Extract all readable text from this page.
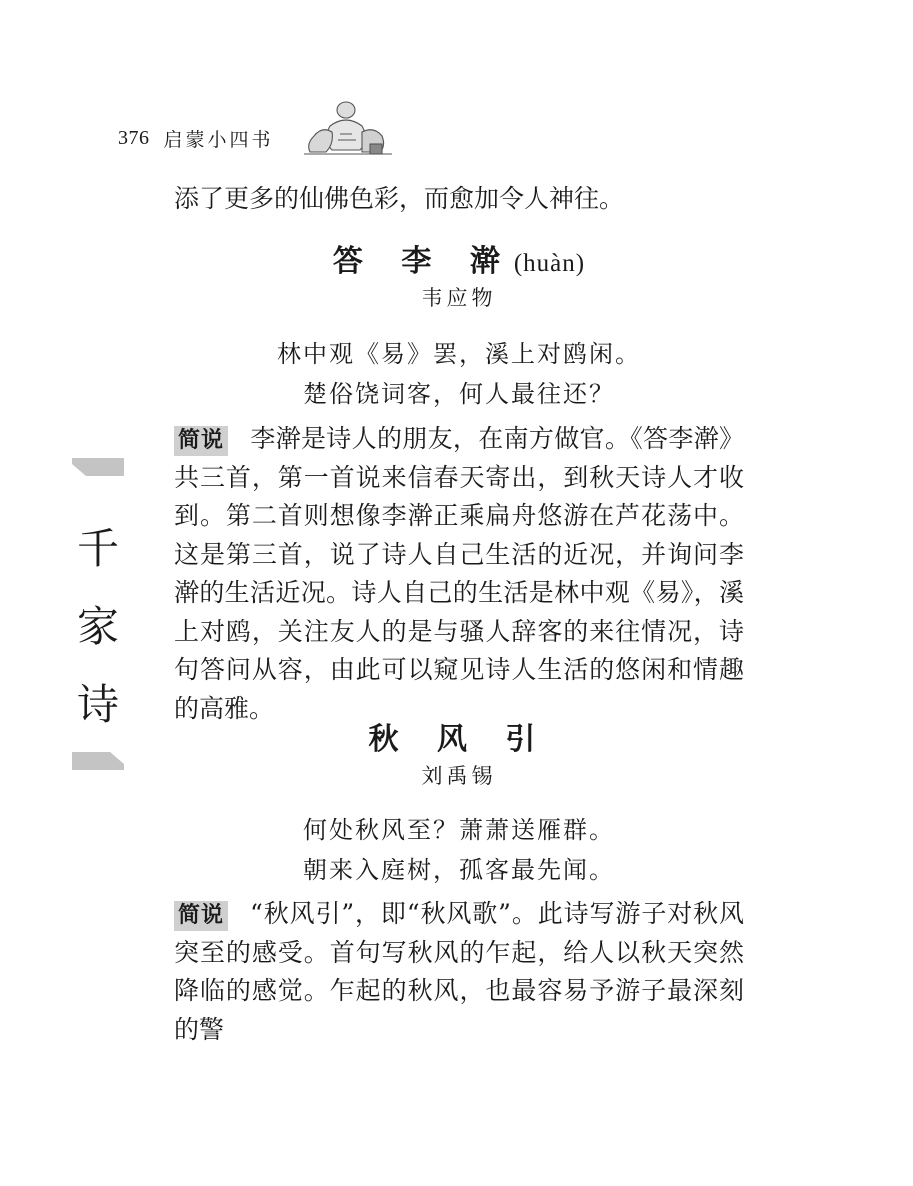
376 启蒙小四书

添了更多的仙佛色彩，而愈加令人神往。

答 李 澣(huàn)
韦应物
林中观《易》罢，溪上对鸥闲。
楚俗饶词客，何人最往还？

简说 李澣是诗人的朋友，在南方做官。《答李澣》共三首，第一首说来信春天寄出，到秋天诗人才收到。第二首则想像李澣正乘扁舟悠游在芦花荡中。这是第三首，说了诗人自己生活的近况，并询问李澣的生活近况。诗人自己的生活是林中观《易》，溪上对鸥，关注友人的是与骚人辞客的来往情况，诗句答问从容，由此可以窥见诗人生活的悠闲和情趣的高雅。

秋 风 引
刘禹锡
何处秋风至？萧萧送雁群。
朝来入庭树，孤客最先闻。

简说 “秋风引”，即“秋风歌”。此诗写游子对秋风突至的感受。首句写秋风的乍起，给人以秋天突然降临的感觉。乍起的秋风，也最容易予游子最深刻的警

千
家
诗
